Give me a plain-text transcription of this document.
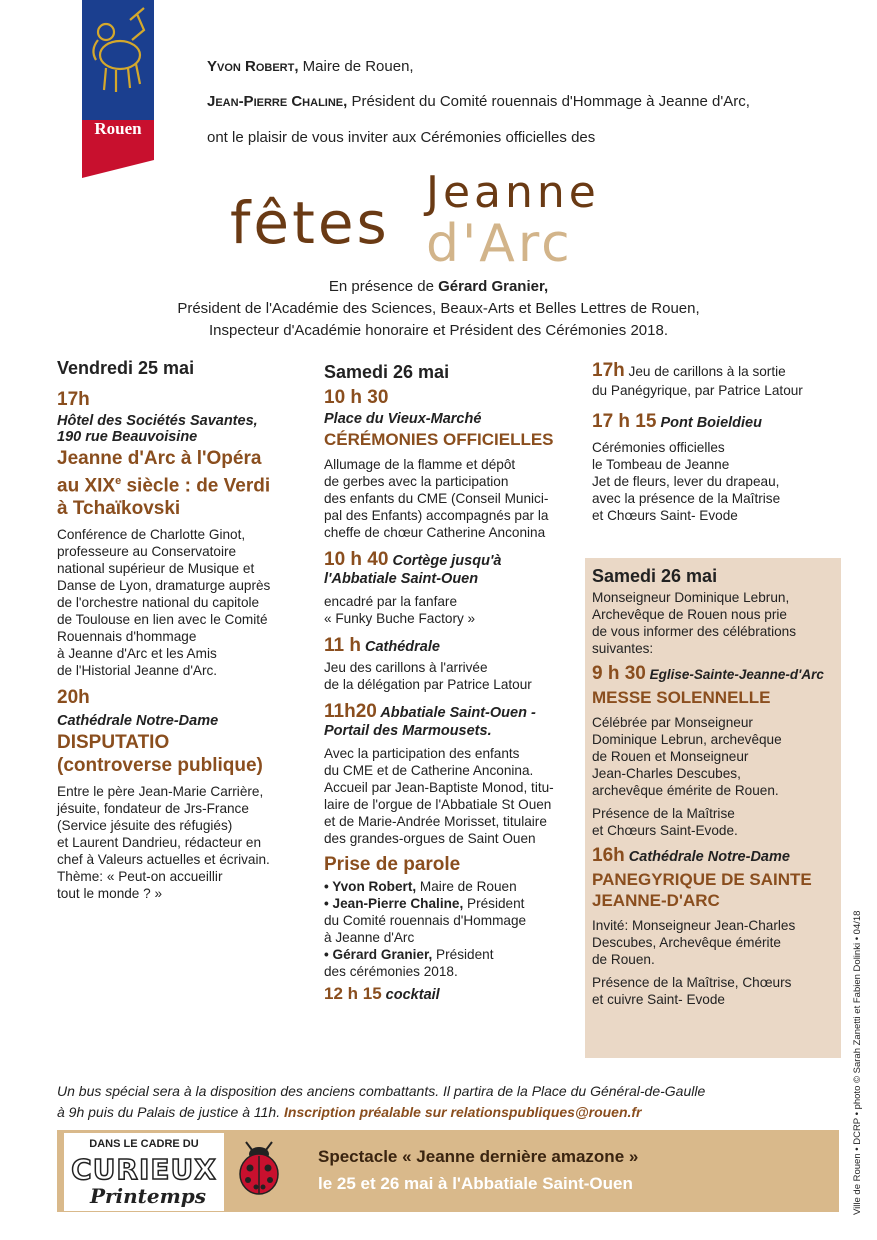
Rouen
Yvon Robert, Maire de Rouen,
Jean-Pierre Chaline, Président du Comité rouennais d'Hommage à Jeanne d'Arc,
ont le plaisir de vous inviter aux Cérémonies officielles des
fêtes Jeanne
d'Arc
En présence de Gérard Granier,
Président de l'Académie des Sciences, Beaux-Arts et Belles Lettres de Rouen,
Inspecteur d'Académie honoraire et Président des Cérémonies 2018.
Vendredi 25 mai
17h
Hôtel des Sociétés Savantes,
190 rue Beauvoisine
Jeanne d'Arc à l'Opéra
au XIXe siècle : de Verdi
à Tchaïkovski
Conférence de Charlotte Ginot,
professeure au Conservatoire
national supérieur de Musique et
Danse de Lyon, dramaturge auprès
de l'orchestre national du capitole
de Toulouse en lien avec le Comité
Rouennais d'hommage
à Jeanne d'Arc et les Amis
de l'Historial Jeanne d'Arc.
20h
Cathédrale Notre-Dame
DISPUTATIO
(controverse publique)
Entre le père Jean-Marie Carrière,
jésuite, fondateur de Jrs-France
(Service jésuite des réfugiés)
et Laurent Dandrieu, rédacteur en
chef à Valeurs actuelles et écrivain.
Thème: « Peut-on accueillir
tout le monde ? »
Samedi 26 mai
10 h 30
Place du Vieux-Marché
CÉRÉMONIES OFFICIELLES
Allumage de la flamme et dépôt
de gerbes avec la participation
des enfants du CME (Conseil Munici-
pal des Enfants) accompagnés par la
cheffe de chœur Catherine Anconina
10 h 40 Cortège jusqu'à
l'Abbatiale Saint-Ouen
encadré par la fanfare
« Funky Buche Factory »
11 h Cathédrale
Jeu des carillons à l'arrivée
de la délégation par Patrice Latour
11h20 Abbatiale Saint-Ouen -
Portail des Marmousets.
Avec la participation des enfants
du CME et de Catherine Anconina.
Accueil par Jean-Baptiste Monod, titu-
laire de l'orgue de l'Abbatiale St Ouen
et de Marie-Andrée Morisset, titulaire
des grandes-orgues de Saint Ouen
Prise de parole
• Yvon Robert, Maire de Rouen
• Jean-Pierre Chaline, Président
du Comité rouennais d'Hommage
à Jeanne d'Arc
• Gérard Granier, Président
des cérémonies 2018.
12 h 15 cocktail
17h Jeu de carillons à la sortie
du Panégyrique, par Patrice Latour
17 h 15 Pont Boieldieu
Cérémonies officielles
le Tombeau de Jeanne
Jet de fleurs, lever du drapeau,
avec la présence de la Maîtrise
et Chœurs Saint- Evode
Samedi 26 mai
Monseigneur Dominique Lebrun,
Archevêque de Rouen nous prie
de vous informer des célébrations
suivantes:
9 h 30 Eglise-Sainte-Jeanne-d'Arc
MESSE SOLENNELLE
Célébrée par Monseigneur
Dominique Lebrun, archevêque
de Rouen et Monseigneur
Jean-Charles Descubes,
archevêque émérite de Rouen.
Présence de la Maîtrise
et Chœurs Saint-Evode.
16h Cathédrale Notre-Dame
PANEGYRIQUE DE SAINTE
JEANNE-D'ARC
Invité: Monseigneur Jean-Charles
Descubes, Archevêque émérite
de Rouen.
Présence de la Maîtrise, Chœurs
et cuivre Saint- Evode
Un bus spécial sera à la disposition des anciens combattants. Il partira de la Place du Général-de-Gaulle
à 9h puis du Palais de justice à 11h. Inscription préalable sur relationspubliques@rouen.fr
DANS LE CADRE DU
CURIEUX
Printemps
Spectacle « Jeanne dernière amazone »
le 25 et 26 mai à l'Abbatiale Saint-Ouen	Ville de Rouen • DCRP • photo © Sarah Zanetti et Fabien Dolinki • 04/18
